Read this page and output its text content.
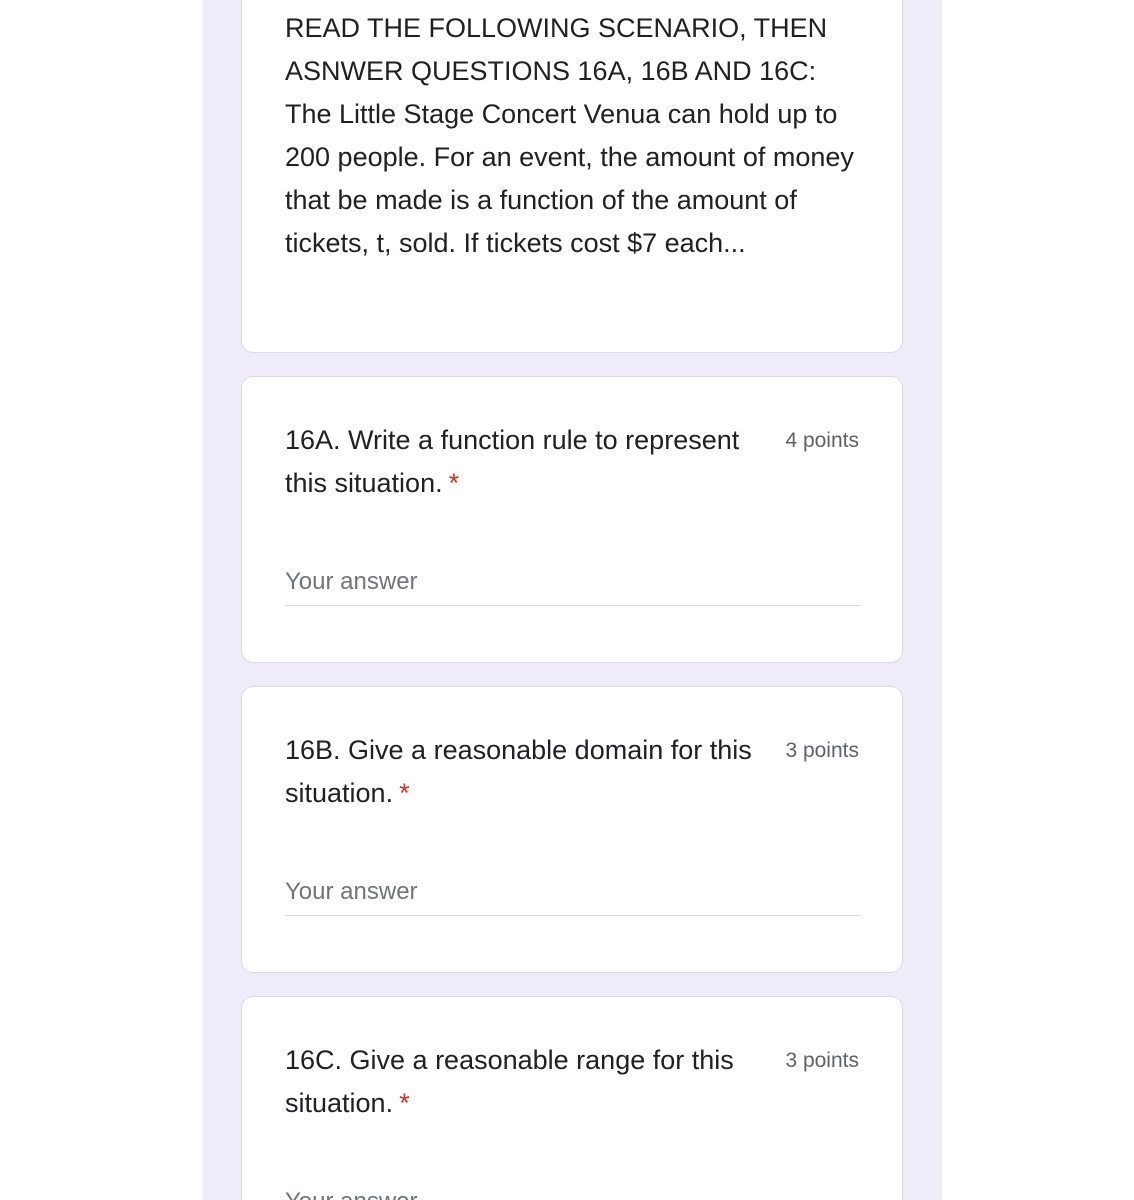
READ THE FOLLOWING SCENARIO, THEN ASNWER QUESTIONS 16A, 16B AND 16C:
The Little Stage Concert Venua can hold up to 200 people. For an event, the amount of money that be made is a function of the amount of tickets, t, sold. If tickets cost $7 each...

16A. Write a function rule to represent this situation. *

4 points
Your answer

16B. Give a reasonable domain for this situation. *

3 points
Your answer

16C. Give a reasonable range for this situation. *

3 points
Your answer
